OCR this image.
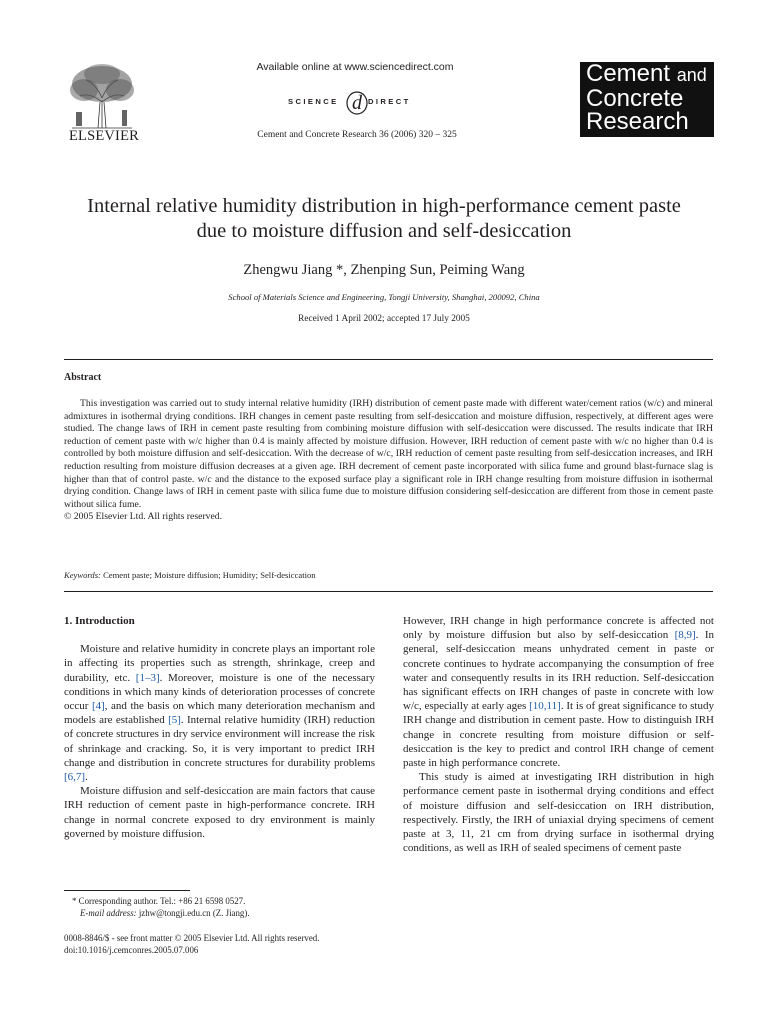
ELSEVIER
Available online at www.sciencedirect.com
SCIENCE d DIRECT
Cement and Concrete Research 36 (2006) 320 – 325
Cement and
Concrete
Research
Internal relative humidity distribution in high-performance cement paste
due to moisture diffusion and self-desiccation
Zhengwu Jiang *, Zhenping Sun, Peiming Wang
School of Materials Science and Engineering, Tongji University, Shanghai, 200092, China
Received 1 April 2002; accepted 17 July 2005
Abstract

This investigation was carried out to study internal relative humidity (IRH) distribution of cement paste made with different water/cement ratios (w/c) and mineral admixtures in isothermal drying conditions. IRH changes in cement paste resulting from self-desiccation and moisture diffusion, respectively, at different ages were studied. The change laws of IRH in cement paste resulting from combining moisture diffusion with self-desiccation were discussed. The results indicate that IRH reduction of cement paste with w/c higher than 0.4 is mainly affected by moisture diffusion. However, IRH reduction of cement paste with w/c no higher than 0.4 is controlled by both moisture diffusion and self-desiccation. With the decrease of w/c, IRH reduction of cement paste resulting from self-desiccation increases, and IRH reduction resulting from moisture diffusion decreases at a given age. IRH decrement of cement paste incorporated with silica fume and ground blast-furnace slag is higher than that of control paste. w/c and the distance to the exposed surface play a significant role in IRH change resulting from moisture diffusion in isothermal drying condition. Change laws of IRH in cement paste with silica fume due to moisture diffusion considering self-desiccation are different from those in cement paste without silica fume.

© 2005 Elsevier Ltd. All rights reserved.

Keywords: Cement paste; Moisture diffusion; Humidity; Self-desiccation
1. Introduction

Moisture and relative humidity in concrete plays an important role in affecting its properties such as strength, shrinkage, creep and durability, etc. [1–3]. Moreover, moisture is one of the necessary conditions in which many kinds of deterioration processes of concrete occur [4], and the basis on which many deterioration mechanism and models are established [5]. Internal relative humidity (IRH) reduction of concrete structures in dry service environment will increase the risk of shrinkage and cracking. So, it is very important to predict IRH change and distribution in concrete structures for durability problems [6,7].

Moisture diffusion and self-desiccation are main factors that cause IRH reduction of cement paste in high-performance concrete. IRH change in normal concrete exposed to dry environment is mainly governed by moisture diffusion.

* Corresponding author. Tel.: +86 21 6598 0527.
E-mail address: jzhw@tongji.edu.cn (Z. Jiang).
0008-8846/$ - see front matter © 2005 Elsevier Ltd. All rights reserved.
doi:10.1016/j.cemconres.2005.07.006

However, IRH change in high performance concrete is affected not only by moisture diffusion but also by self-desiccation [8,9]. In general, self-desiccation means unhydrated cement in paste or concrete continues to hydrate accompanying the consumption of free water and consequently results in its IRH reduction. Self-desiccation has significant effects on IRH changes of paste in concrete with low w/c, especially at early ages [10,11]. It is of great significance to study IRH change and distribution in cement paste. How to distinguish IRH change in concrete resulting from moisture diffusion or self-desiccation is the key to predict and control IRH change of cement paste in high performance concrete.

This study is aimed at investigating IRH distribution in high performance cement paste in isothermal drying conditions and effect of moisture diffusion and self-desiccation on IRH distribution, respectively. Firstly, the IRH of uniaxial drying specimens of cement paste at 3, 11, 21 cm from drying surface in isothermal drying conditions, as well as IRH of sealed specimens of cement paste
